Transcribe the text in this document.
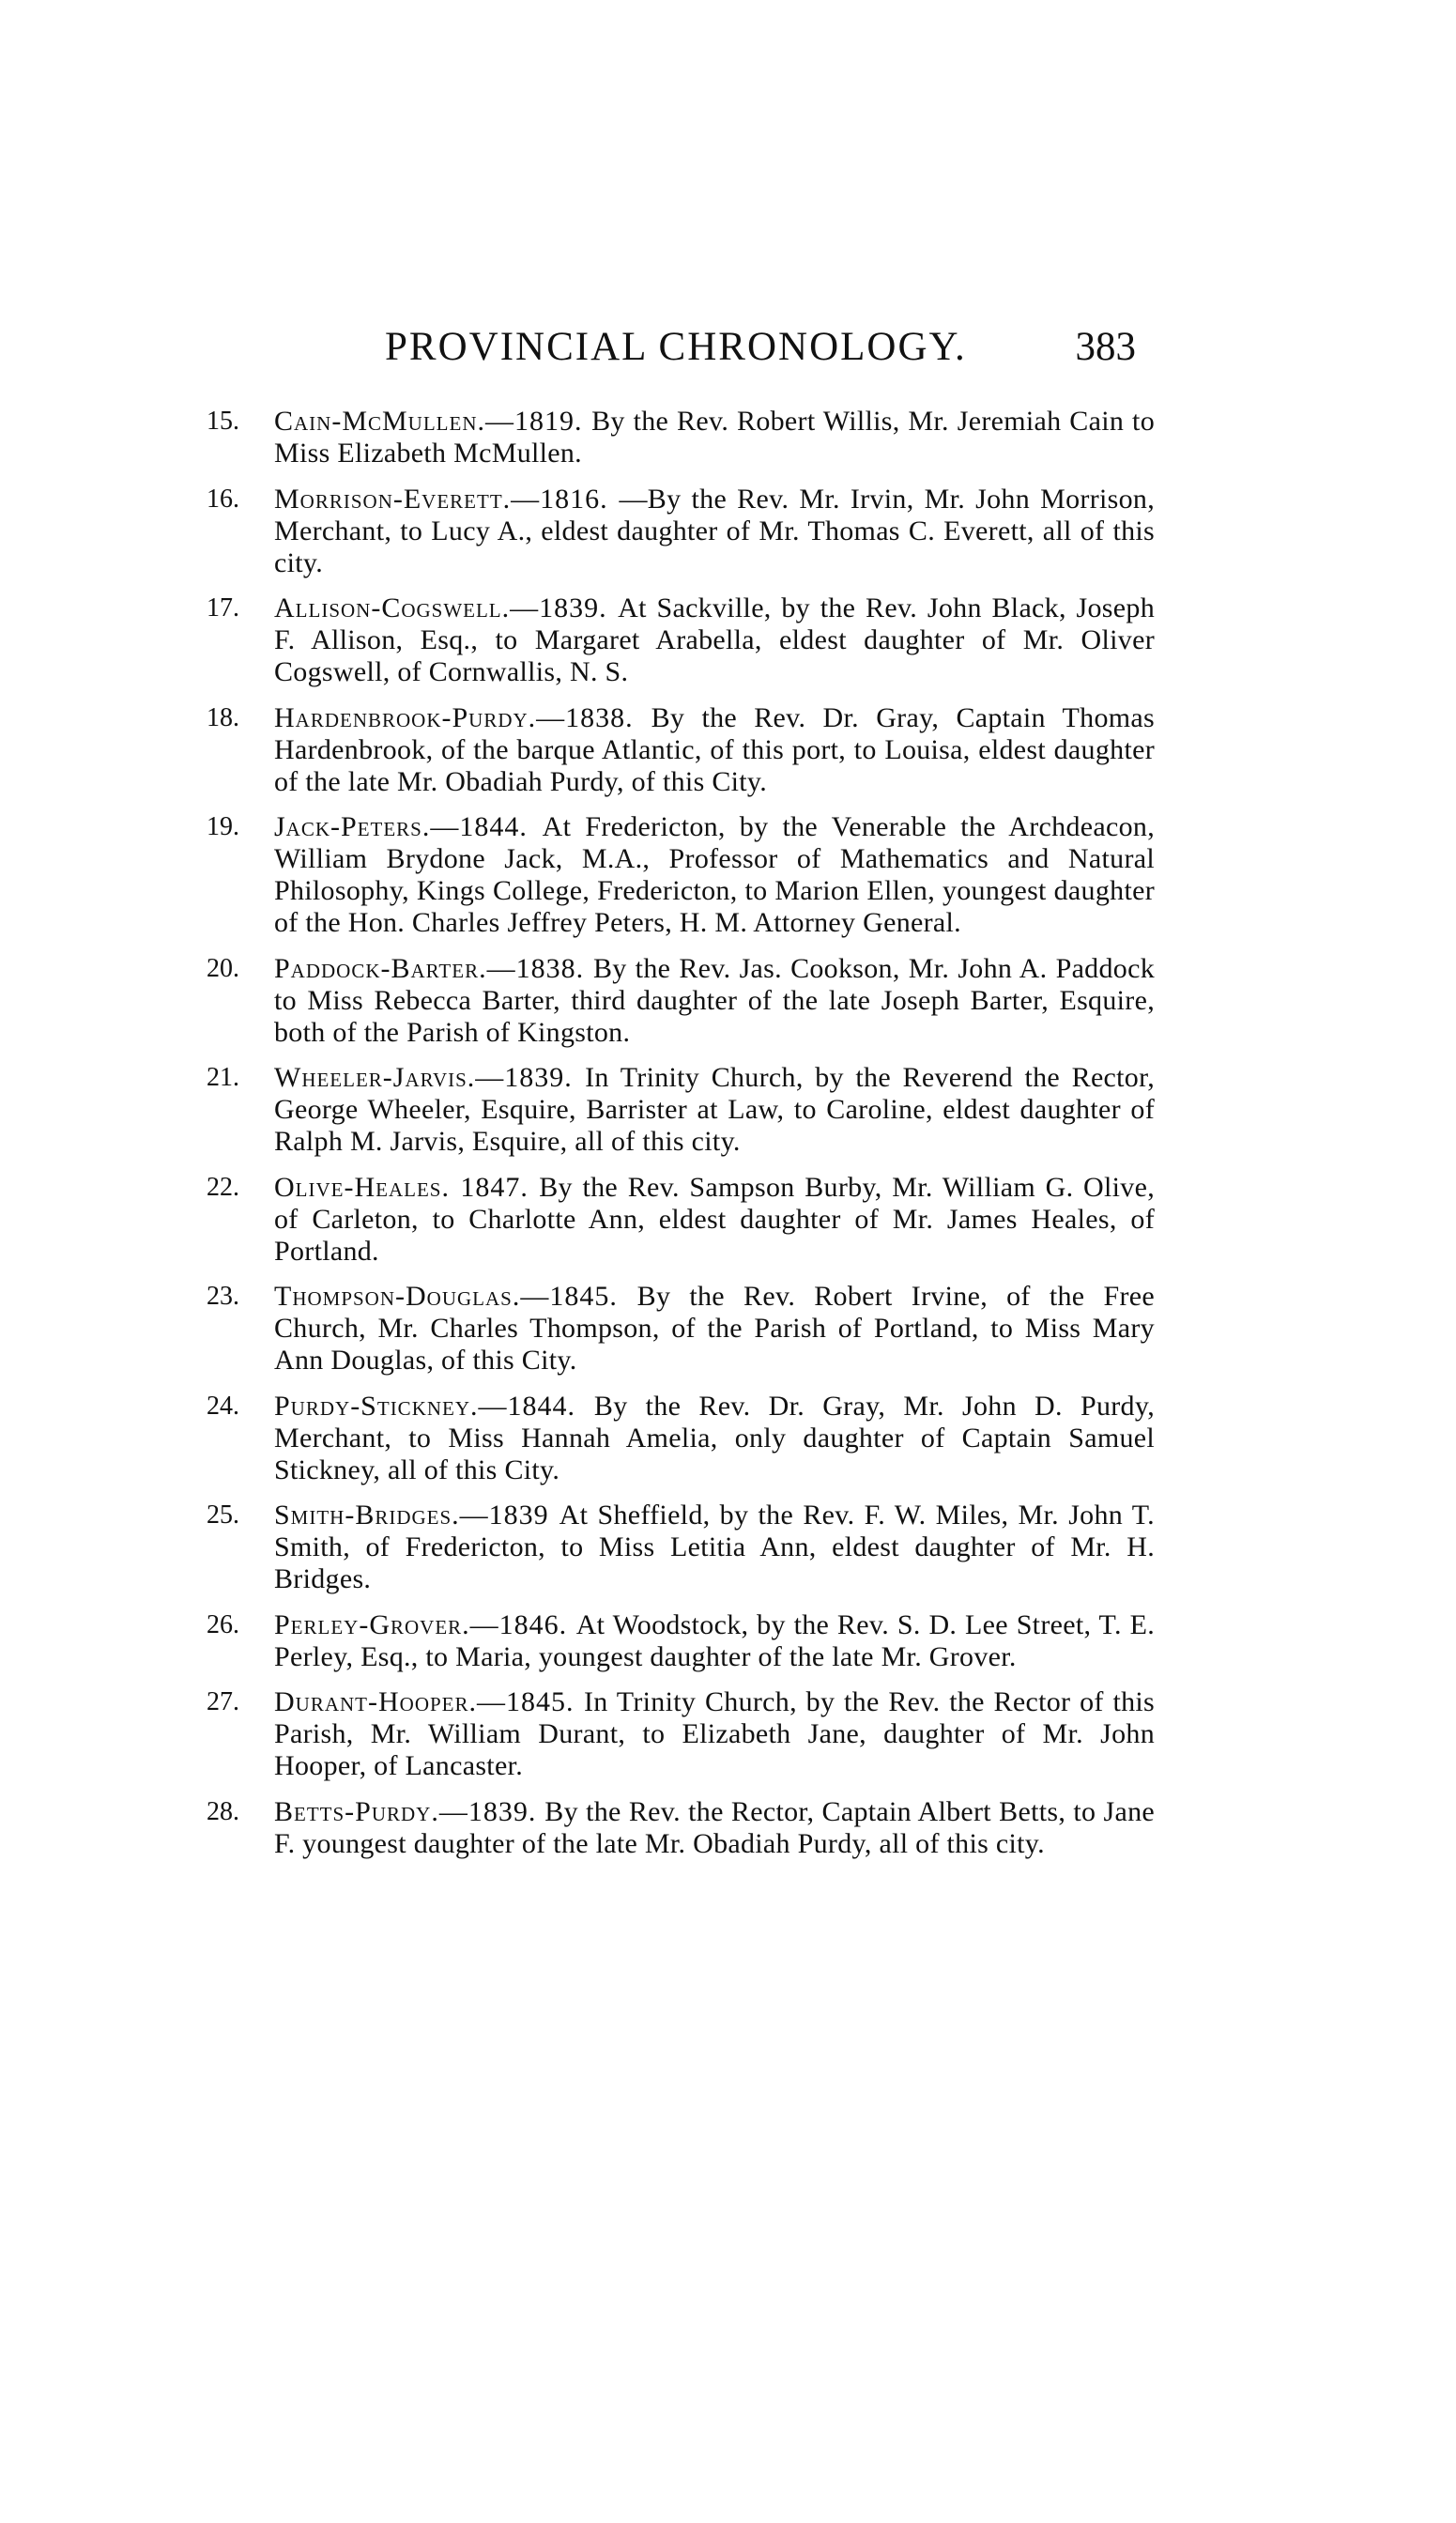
PROVINCIAL CHRONOLOGY.	383
15.	Cain-McMullen.—1819. By the Rev. Robert Willis, Mr. Jeremiah Cain to Miss Elizabeth McMullen.
16.	Morrison-Everett.—1816. —By the Rev. Mr. Irvin, Mr. John Morrison, Merchant, to Lucy A., eldest daughter of Mr. Thomas C. Everett, all of this city.
17.	Allison-Cogswell.—1839. At Sackville, by the Rev. John Black, Joseph F. Allison, Esq., to Margaret Arabella, eldest daughter of Mr. Oliver Cogswell, of Cornwallis, N. S.
18.	Hardenbrook-Purdy.—1838. By the Rev. Dr. Gray, Captain Thomas Hardenbrook, of the barque Atlantic, of this port, to Louisa, eldest daughter of the late Mr. Obadiah Purdy, of this City.
19.	Jack-Peters.—1844. At Fredericton, by the Venerable the Archdeacon, William Brydone Jack, M.A., Professor of Mathematics and Natural Philosophy, Kings College, Fredericton, to Marion Ellen, youngest daughter of the Hon. Charles Jeffrey Peters, H. M. Attorney General.
20.	Paddock-Barter.—1838. By the Rev. Jas. Cookson, Mr. John A. Paddock to Miss Rebecca Barter, third daughter of the late Joseph Barter, Esquire, both of the Parish of Kingston.
21.	Wheeler-Jarvis.—1839. In Trinity Church, by the Reverend the Rector, George Wheeler, Esquire, Barrister at Law, to Caroline, eldest daughter of Ralph M. Jarvis, Esquire, all of this city.
22.	Olive-Heales. 1847. By the Rev. Sampson Burby, Mr. William G. Olive, of Carleton, to Charlotte Ann, eldest daughter of Mr. James Heales, of Portland.
23.	Thompson-Douglas.—1845. By the Rev. Robert Irvine, of the Free Church, Mr. Charles Thompson, of the Parish of Portland, to Miss Mary Ann Douglas, of this City.
24.	Purdy-Stickney.—1844. By the Rev. Dr. Gray, Mr. John D. Purdy, Merchant, to Miss Hannah Amelia, only daughter of Captain Samuel Stickney, all of this City.
25.	Smith-Bridges.—1839 At Sheffield, by the Rev. F. W. Miles, Mr. John T. Smith, of Fredericton, to Miss Letitia Ann, eldest daughter of Mr. H. Bridges.
26.	Perley-Grover.—1846. At Woodstock, by the Rev. S. D. Lee Street, T. E. Perley, Esq., to Maria, youngest daughter of the late Mr. Grover.
27.	Durant-Hooper.—1845. In Trinity Church, by the Rev. the Rector of this Parish, Mr. William Durant, to Elizabeth Jane, daughter of Mr. John Hooper, of Lancaster.
28.	Betts-Purdy.—1839. By the Rev. the Rector, Captain Albert Betts, to Jane F. youngest daughter of the late Mr. Obadiah Purdy, all of this city.
